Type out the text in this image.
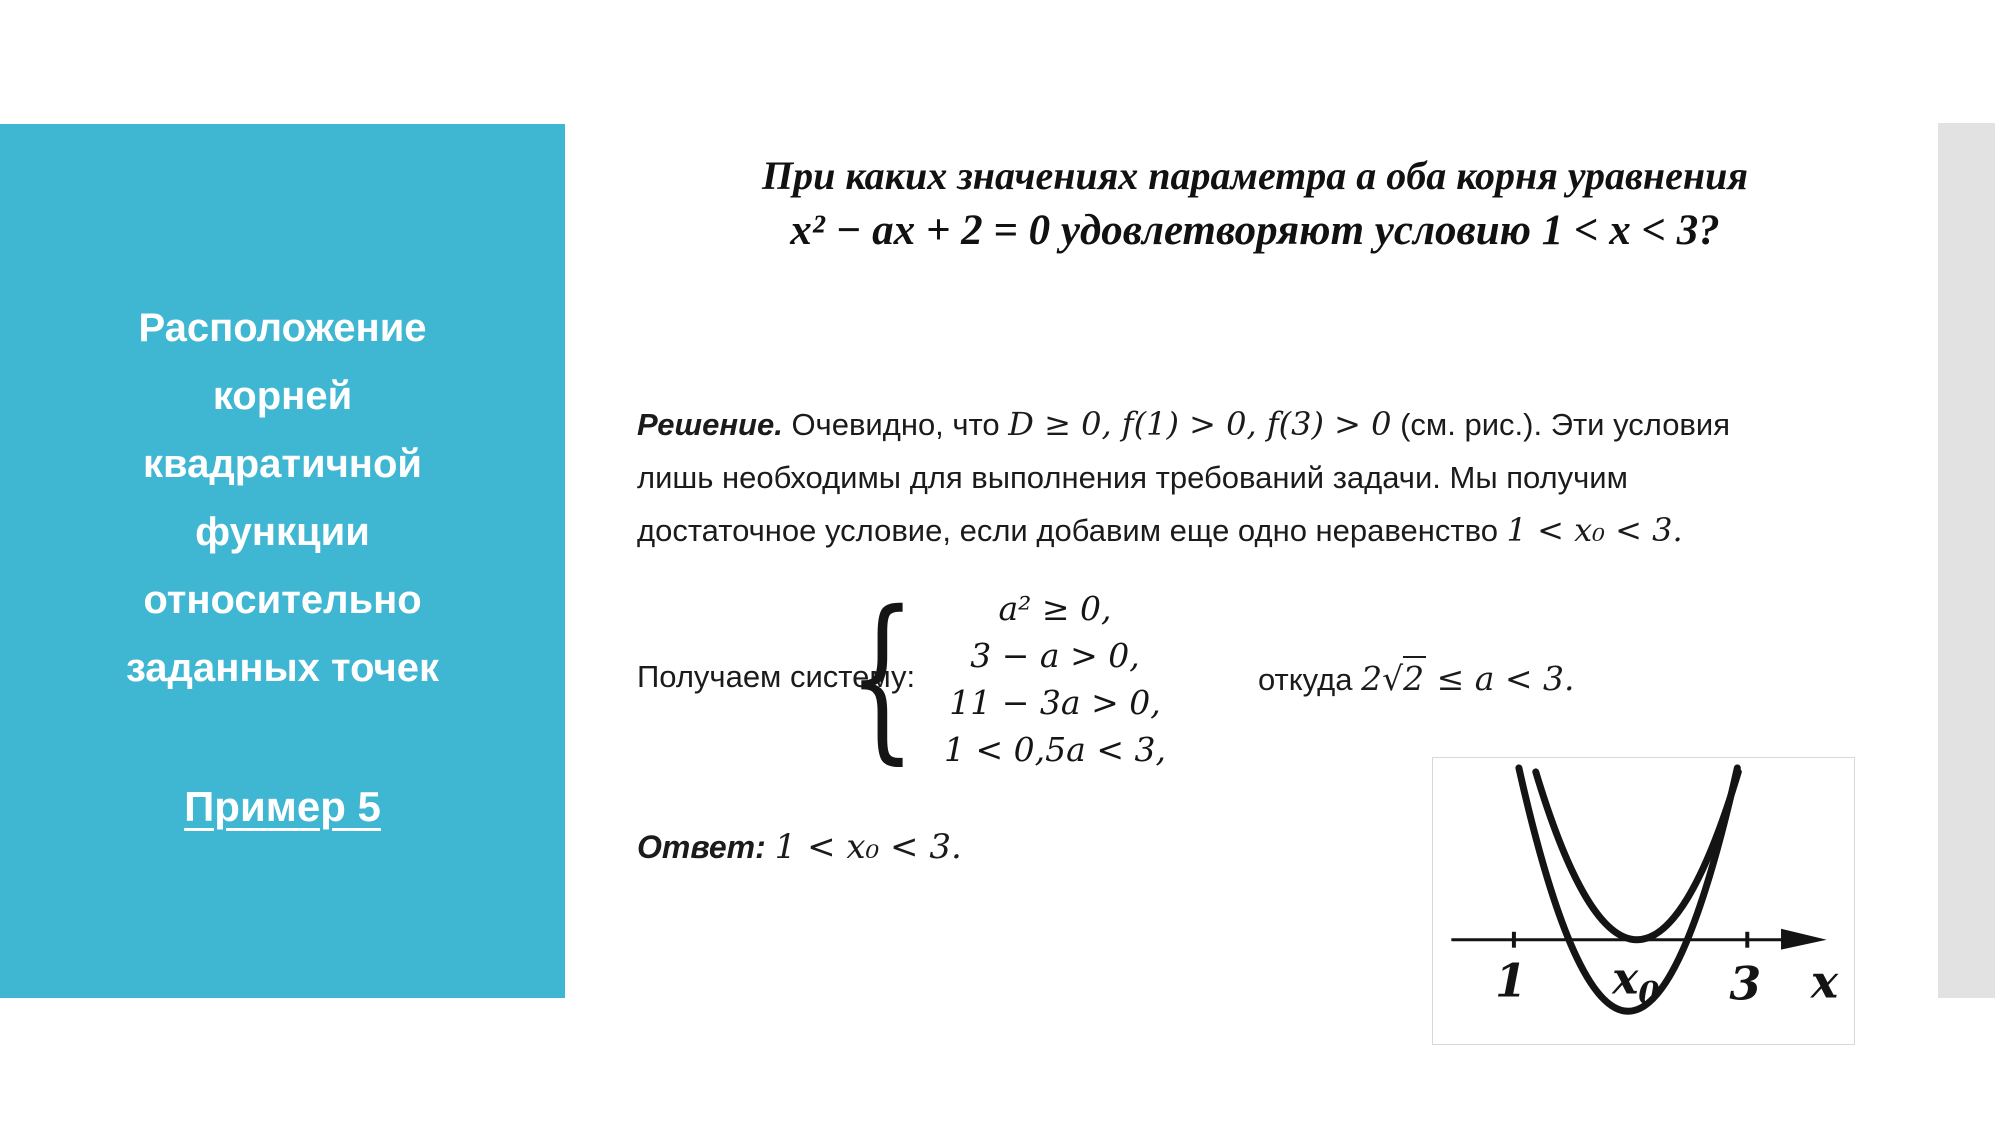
Расположение
корней
квадратичной
функции
относительно
заданных точек
Пример 5
При каких значениях параметра а оба корня уравнения
x² − ax + 2 = 0 удовлетворяют условию 1 < x < 3?
Решение. Очевидно, что D ≥ 0, f(1) > 0, f(3) > 0 (см. рис.). Эти условия
лишь необходимы для выполнения требований задачи. Мы получим
достаточное условие, если добавим еще одно неравенство 1 < x₀ < 3.
Получаем систему:
{	a² ≥ 0,
3 − a > 0,
11 − 3a > 0,
1 < 0,5a < 3,
откуда 2√2 ≤ a < 3.
Ответ: 1 < x₀ < 3.
1 x0 3 x
